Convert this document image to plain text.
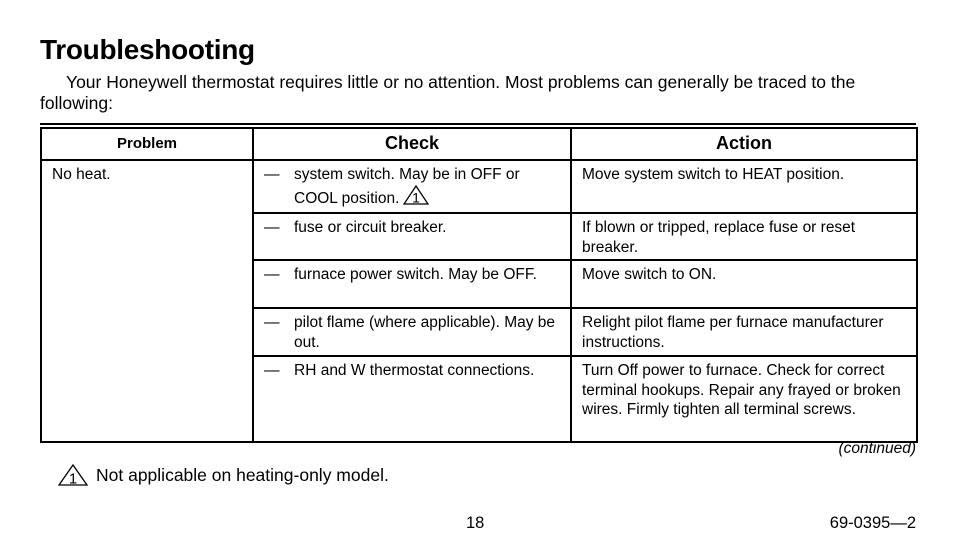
Troubleshooting

Your Honeywell thermostat requires little or no attention. Most problems can generally be traced to the following:

Problem	Check	Action
No heat.	— system switch. May be in OFF or COOL position. 1	Move system switch to HEAT position.

	— fuse or circuit breaker.	If blown or tripped, replace fuse or reset breaker.

	— furnace power switch. May be OFF.	Move switch to ON.

	— pilot flame (where applicable). May be out.	Relight pilot flame per furnace manufacturer instructions.

	— RH and W thermostat connections.	Turn Off power to furnace. Check for correct terminal hookups. Repair any frayed or broken wires. Firmly tighten all terminal screws.
(continued)
1 Not applicable on heating-only model.
18	69-0395—2
